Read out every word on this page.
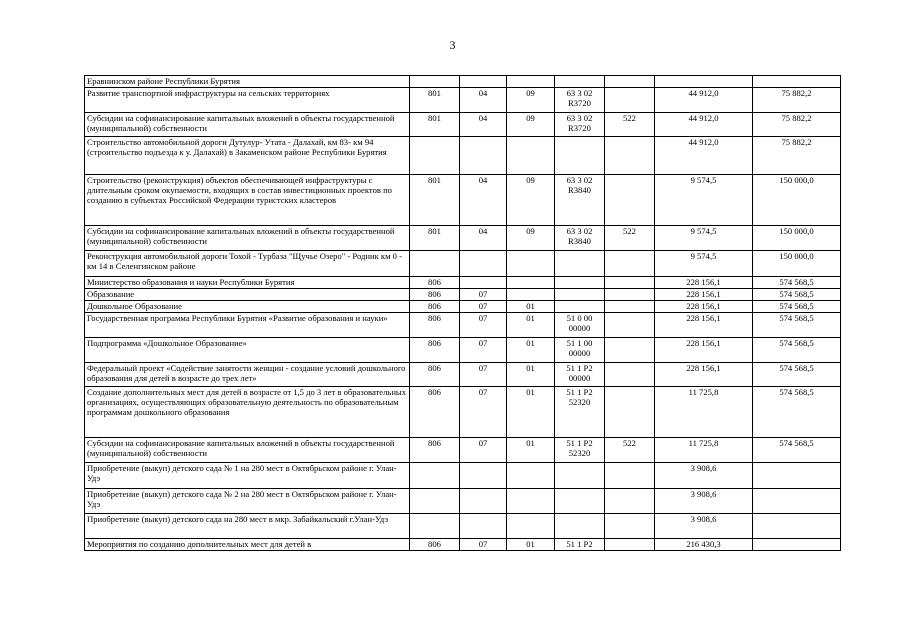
3
Еравнинском районе Республики Бурятия							
Развитие транспортной инфраструктуры на сельских территориях	801	04	09	63 3 02 R3720		44 912,0	75 882,2
Субсидии на софинансирование капитальных вложений в объекты государственной (муниципальной) собственности	801	04	09	63 3 02 R3720	522	44 912,0	75 882,2
Строительство автомобильной дороги Дутулур- Утата - Далахай, км 83- км 94 (строительство подъезда к у. Далахай) в Закаменском районе Республики Бурятия						44 912,0	75 882,2
Строительство (реконструкция) объектов обеспечивающей инфраструктуры с длительным сроком окупаемости, входящих в состав инвестиционных проектов по созданию в субъектах Российской Федерации туристских кластеров	801	04	09	63 3 02 R3840		9 574,5	150 000,0
Субсидии на софинансирование капитальных вложений в объекты государственной (муниципальной) собственности	801	04	09	63 3 02 R3840	522	9 574,5	150 000,0
Реконструкция автомобильной дороги Тохой - Турбаза "Щучье Озеро" - Родник км 0 - км 14 в Селенгинском районе						9 574,5	150 000,0
Министерство образования и науки Республики Бурятия	806					228 156,1	574 568,5
Образование	806	07				228 156,1	574 568,5
Дошкольное Образование	806	07	01			228 156,1	574 568,5
Государственная программа Республики Бурятия «Развитие образования и науки»	806	07	01	51 0 00 00000		228 156,1	574 568,5
Подпрограмма «Дошкольное Образование»	806	07	01	51 1 00 00000		228 156,1	574 568,5
Федеральный проект «Содействие занятости женщин - создание условий дошкольного образования для детей в возрасте до трех лет»	806	07	01	51 1 P2 00000		228 156,1	574 568,5
Создание дополнительных мест для детей в возрасте от 1,5 до 3 лет в образовательных организациях, осуществляющих образовательную деятельность по образовательным программам дошкольного образования	806	07	01	51 1 P2 52320		11 725,8	574 568,5
Субсидии на софинансирование капитальных вложений в объекты государственной (муниципальной) собственности	806	07	01	51 1 P2 52320	522	11 725,8	574 568,5
Приобретение (выкуп) детского сада № 1 на 280 мест в Октябрьском районе г. Улан-Удэ						3 908,6	
Приобретение (выкуп) детского сада № 2 на 280 мест в Октябрьском районе г. Улан-Удэ						3 908,6	
Приобретение (выкуп) детского сада на 280 мест в мкр. Забайкальский г.Улан-Удэ						3 908,6	
Мероприятия по созданию дополнительных мест для детей в	806	07	01	51 1 P2		216 430,3	
